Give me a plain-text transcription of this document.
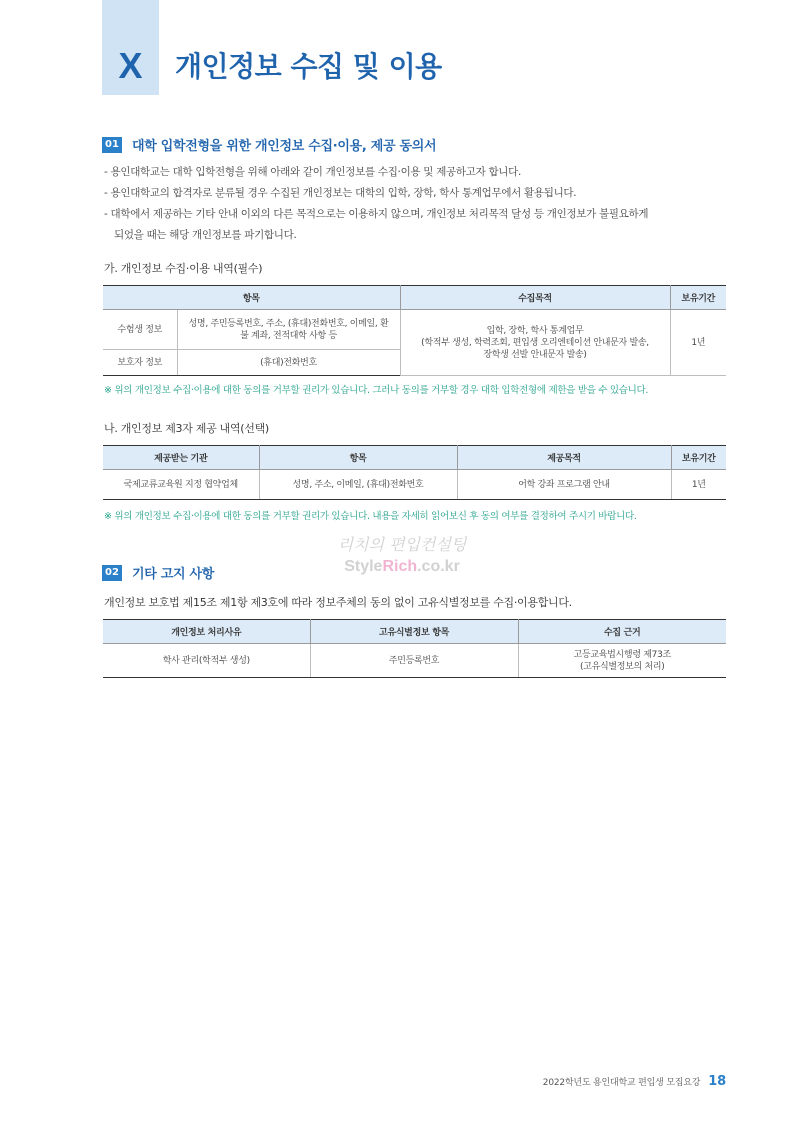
X	개인정보 수집 및 이용
01 대학 입학전형을 위한 개인정보 수집·이용, 제공 동의서

- 용인대학교는 대학 입학전형을 위해 아래와 같이 개인정보를 수집·이용 및 제공하고자 합니다.

- 용인대학교의 합격자로 분류될 경우 수집된 개인정보는 대학의 입학, 장학, 학사 통계업무에서 활용됩니다.

- 대학에서 제공하는 기타 안내 이외의 다른 목적으로는 이용하지 않으며, 개인정보 처리목적 달성 등 개인정보가 불필요하게

되었을 때는 해당 개인정보를 파기합니다.

가. 개인정보 수집·이용 내역(필수)
항목		수집목적	보유기간
수험생 정보	성명, 주민등록번호, 주소, (휴대)전화번호, 이메일, 환불 계좌, 전적대학 사항 등	입학, 장학, 학사 통계업무
(학적부 생성, 학력조회, 편입생 오리엔테이션 안내문자 발송,
장학생 선발 안내문자 발송)	1년
보호자 정보	(휴대)전화번호		
※ 위의 개인정보 수집·이용에 대한 동의를 거부할 권리가 있습니다. 그러나 동의를 거부할 경우 대학 입학전형에 제한을 받을 수 있습니다.
나. 개인정보 제3자 제공 내역(선택)
제공받는 기관	항목	제공목적	보유기간
국제교류교육원 지정 협약업체	성명, 주소, 이메일, (휴대)전화번호	어학 강좌 프로그램 안내	1년
※ 위의 개인정보 수집·이용에 대한 동의를 거부할 권리가 있습니다. 내용을 자세히 읽어보신 후 동의 여부를 결정하여 주시기 바랍니다.
리치의 편입컨설팅
StyleRich.co.kr
02 기타 고지 사항
개인정보 보호법 제15조 제1항 제3호에 따라 정보주체의 동의 없이 고유식별정보를 수집·이용합니다.
개인정보 처리사유	고유식별정보 항목	수집 근거
학사 관리(학적부 생성)	주민등록번호	고등교육법시행령 제73조
(고유식별정보의 처리)
2022학년도 용인대학교 편입생 모집요강 18
